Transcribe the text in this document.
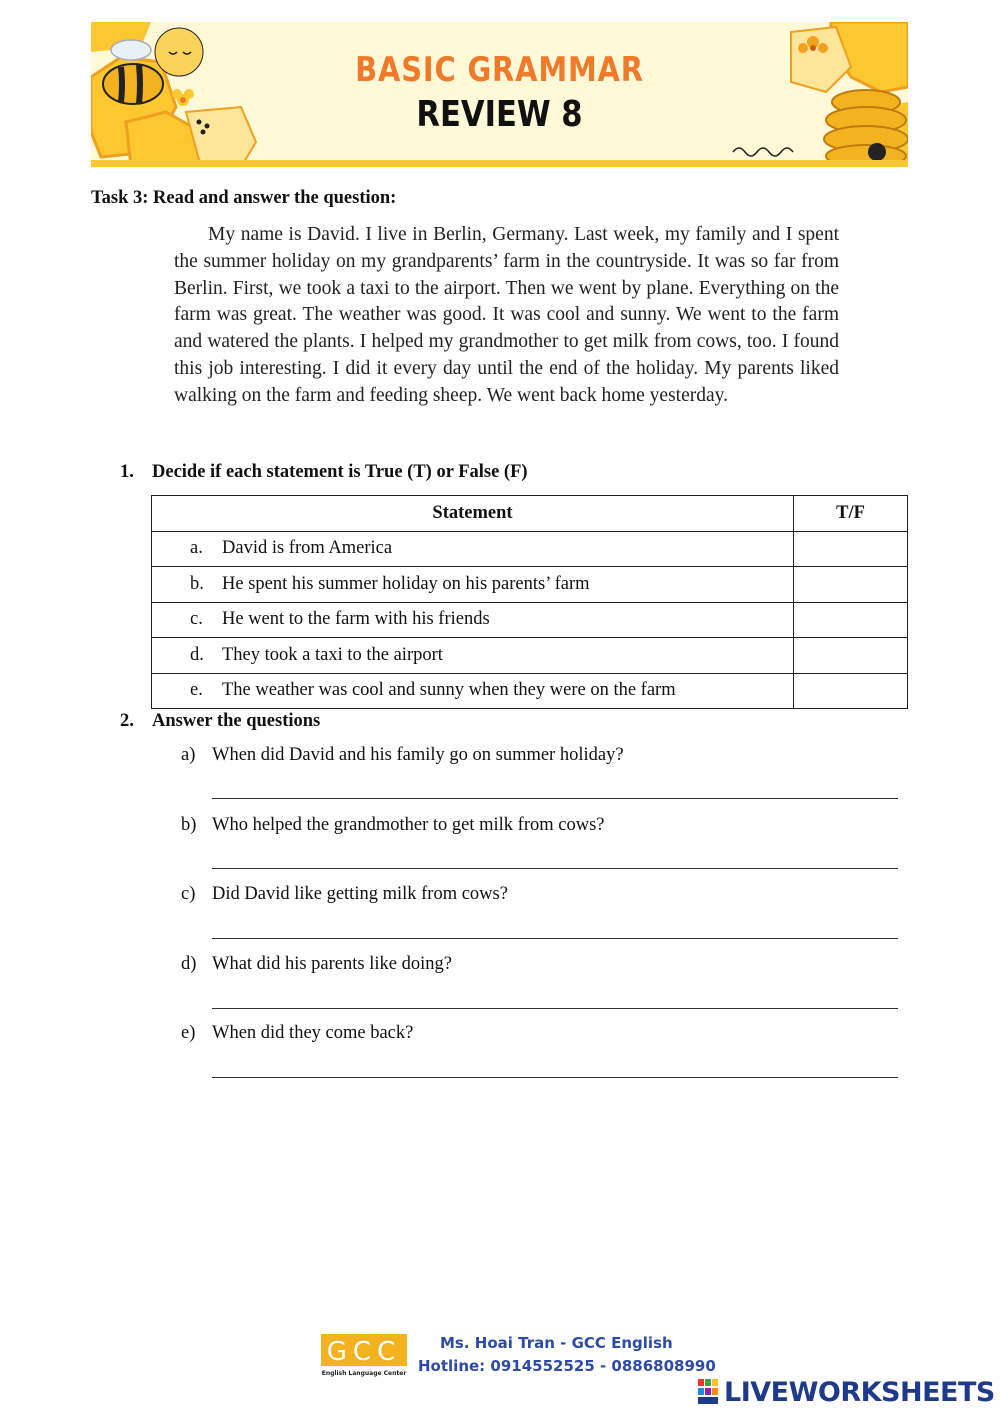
BASIC GRAMMAR
REVIEW 8
Task 3: Read and answer the question:
My name is David. I live in Berlin, Germany. Last week, my family and I spent the summer holiday on my grandparents’ farm in the countryside. It was so far from Berlin. First, we took a taxi to the airport. Then we went by plane. Everything on the farm was great. The weather was good. It was cool and sunny. We went to the farm and watered the plants. I helped my grandmother to get milk from cows, too. I found this job interesting. I did it every day until the end of the holiday. My parents liked walking on the farm and feeding sheep. We went back home yesterday.
1. Decide if each statement is True (T) or False (F)
Statement	T/F
a. David is from America	
b. He spent his summer holiday on his parents’ farm	
c. He went to the farm with his friends	
d. They took a taxi to the airport	
e. The weather was cool and sunny when they were on the farm	
2. Answer the questions
a) When did David and his family go on summer holiday?
b) Who helped the grandmother to get milk from cows?
c) Did David like getting milk from cows?
d) What did his parents like doing?
e) When did they come back?
GCC
English Language Center
Ms. Hoai Tran - GCC English
Hotline: 0914552525 - 0886808990
LIVEWORKSHEETS
